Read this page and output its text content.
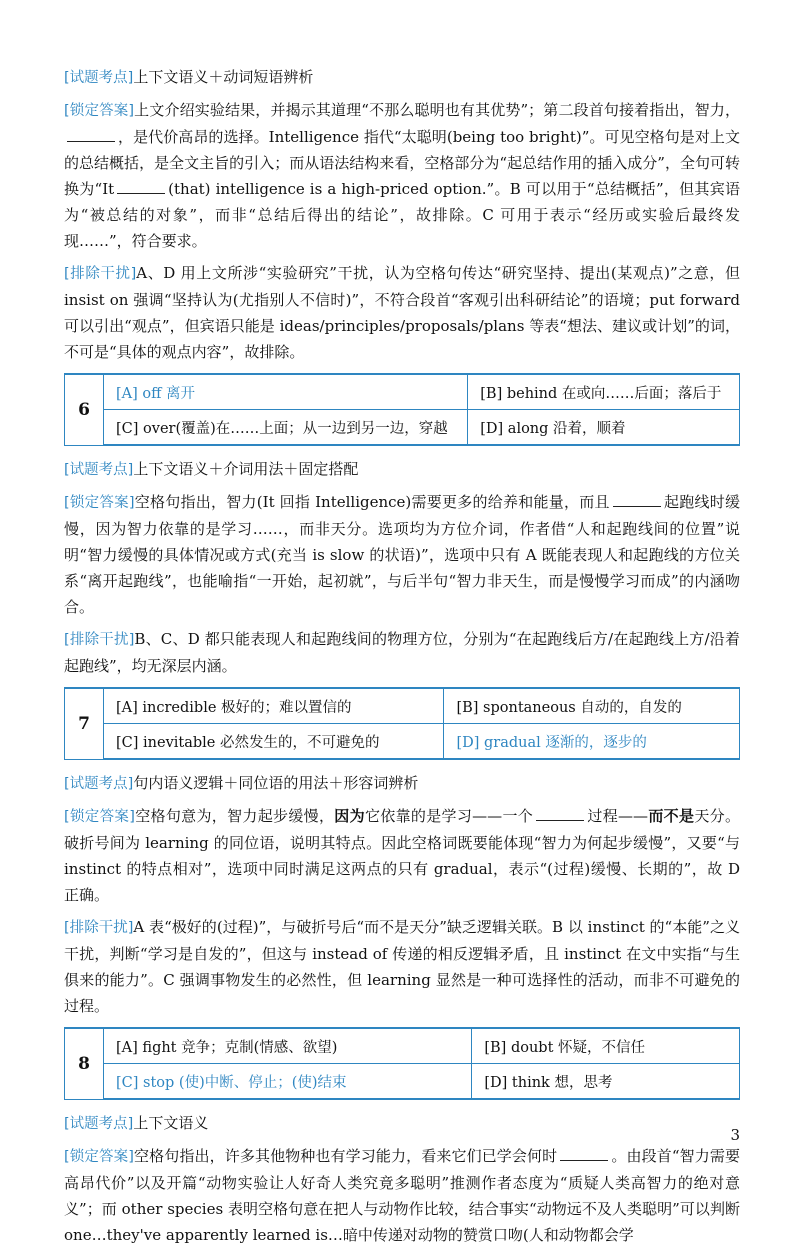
[试题考点]上下文语义＋动词短语辨析

[锁定答案]上文介绍实验结果，并揭示其道理“不那么聪明也有其优势”；第二段首句接着指出，智力，，是代价高昂的选择。Intelligence 指代“太聪明(being too bright)”。可见空格句是对上文的总结概括，是全文主旨的引入；而从语法结构来看，空格部分为“起总结作用的插入成分”，全句可转换为“It	(that) intelligence is a high-priced option.”。B 可以用于“总结概括”，但其宾语为“被总结的对象”，而非“总结后得出的结论”，故排除。C 可用于表示“经历或实验后最终发现……”，符合要求。

[排除干扰]A、D 用上文所涉“实验研究”干扰，认为空格句传达“研究坚持、提出(某观点)”之意，但 insist on 强调“坚持认为(尤指别人不信时)”，不符合段首“客观引出科研结论”的语境；put forward 可以引出“观点”，但宾语只能是 ideas/principles/proposals/plans 等表“想法、建议或计划”的词，不可是“具体的观点内容”，故排除。

6	[A] off 离开	[B] behind 在或向……后面；落后于
	[C] over(覆盖)在……上面；从一边到另一边，穿越	[D] along 沿着，顺着

[试题考点]上下文语义＋介词用法＋固定搭配

[锁定答案]空格句指出，智力(It 回指 Intelligence)需要更多的给养和能量，而且	起跑线时缓慢，因为智力依靠的是学习……，而非天分。选项均为方位介词，作者借“人和起跑线间的位置”说明“智力缓慢的具体情况或方式(充当 is slow 的状语)”，选项中只有 A 既能表现人和起跑线的方位关系“离开起跑线”，也能喻指“一开始，起初就”，与后半句“智力非天生，而是慢慢学习而成”的内涵吻合。

[排除干扰]B、C、D 都只能表现人和起跑线间的物理方位，分别为“在起跑线后方/在起跑线上方/沿着起跑线”，均无深层内涵。

7	[A] incredible 极好的；难以置信的	[B] spontaneous 自动的，自发的
	[C] inevitable 必然发生的，不可避免的	[D] gradual 逐渐的，逐步的

[试题考点]句内语义逻辑＋同位语的用法＋形容词辨析

[锁定答案]空格句意为，智力起步缓慢，因为它依靠的是学习——一个	过程——而不是天分。破折号间为 learning 的同位语，说明其特点。因此空格词既要能体现“智力为何起步缓慢”，又要“与 instinct 的特点相对”，选项中同时满足这两点的只有 gradual，表示“(过程)缓慢、长期的”，故 D 正确。

[排除干扰]A 表“极好的(过程)”，与破折号后“而不是天分”缺乏逻辑关联。B 以 instinct 的“本能”之义干扰，判断“学习是自发的”，但这与 instead of 传递的相反逻辑矛盾，且 instinct 在文中实指“与生俱来的能力”。C 强调事物发生的必然性，但 learning 显然是一种可选择性的活动，而非不可避免的过程。

8	[A] fight 竞争；克制(情感、欲望)	[B] doubt 怀疑，不信任
	[C] stop (使)中断、停止；(使)结束	[D] think 想，思考

[试题考点]上下文语义

[锁定答案]空格句指出，许多其他物种也有学习能力，看来它们已学会何时	。由段首“智力需要高昂代价”以及开篇“动物实验让人好奇人类究竟多聪明”推测作者态度为“质疑人类高智力的绝对意义”；而 other species 表明空格句意在把人与动物作比较，结合事实“动物远不及人类聪明”可以判断 one…they've apparently learned is…暗中传递对动物的赞赏口吻(人和动物都会学

3
